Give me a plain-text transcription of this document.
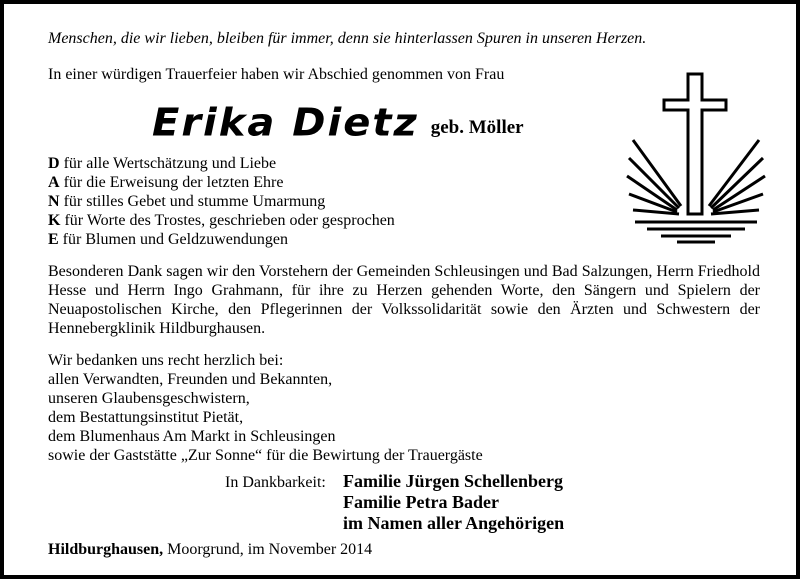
Menschen, die wir lieben, bleiben für immer, denn sie hinterlassen Spuren in unseren Herzen.
In einer würdigen Trauerfeier haben wir Abschied genommen von Frau
Erika Dietz geb. Möller
D für alle Wertschätzung und Liebe
A für die Erweisung der letzten Ehre
N für stilles Gebet und stumme Umarmung
K für Worte des Trostes, geschrieben oder gesprochen
E für Blumen und Geldzuwendungen
Besonderen Dank sagen wir den Vorstehern der Gemeinden Schleusingen und Bad Salzungen, Herrn Friedhold Hesse und Herrn Ingo Grahmann, für ihre zu Herzen gehenden Worte, den Sängern und Spielern der Neuapostolischen Kirche, den Pflegerinnen der Volkssolidarität sowie den Ärzten und Schwestern der Hennebergklinik Hildburghausen.
Wir bedanken uns recht herzlich bei:
allen Verwandten, Freunden und Bekannten,
unseren Glaubensgeschwistern,
dem Bestattungsinstitut Pietät,
dem Blumenhaus Am Markt in Schleusingen
sowie der Gaststätte „Zur Sonne“ für die Bewirtung der Trauergäste
In Dankbarkeit: Familie Jürgen Schellenberg
Familie Petra Bader
im Namen aller Angehörigen
Hildburghausen, Moorgrund, im November 2014
